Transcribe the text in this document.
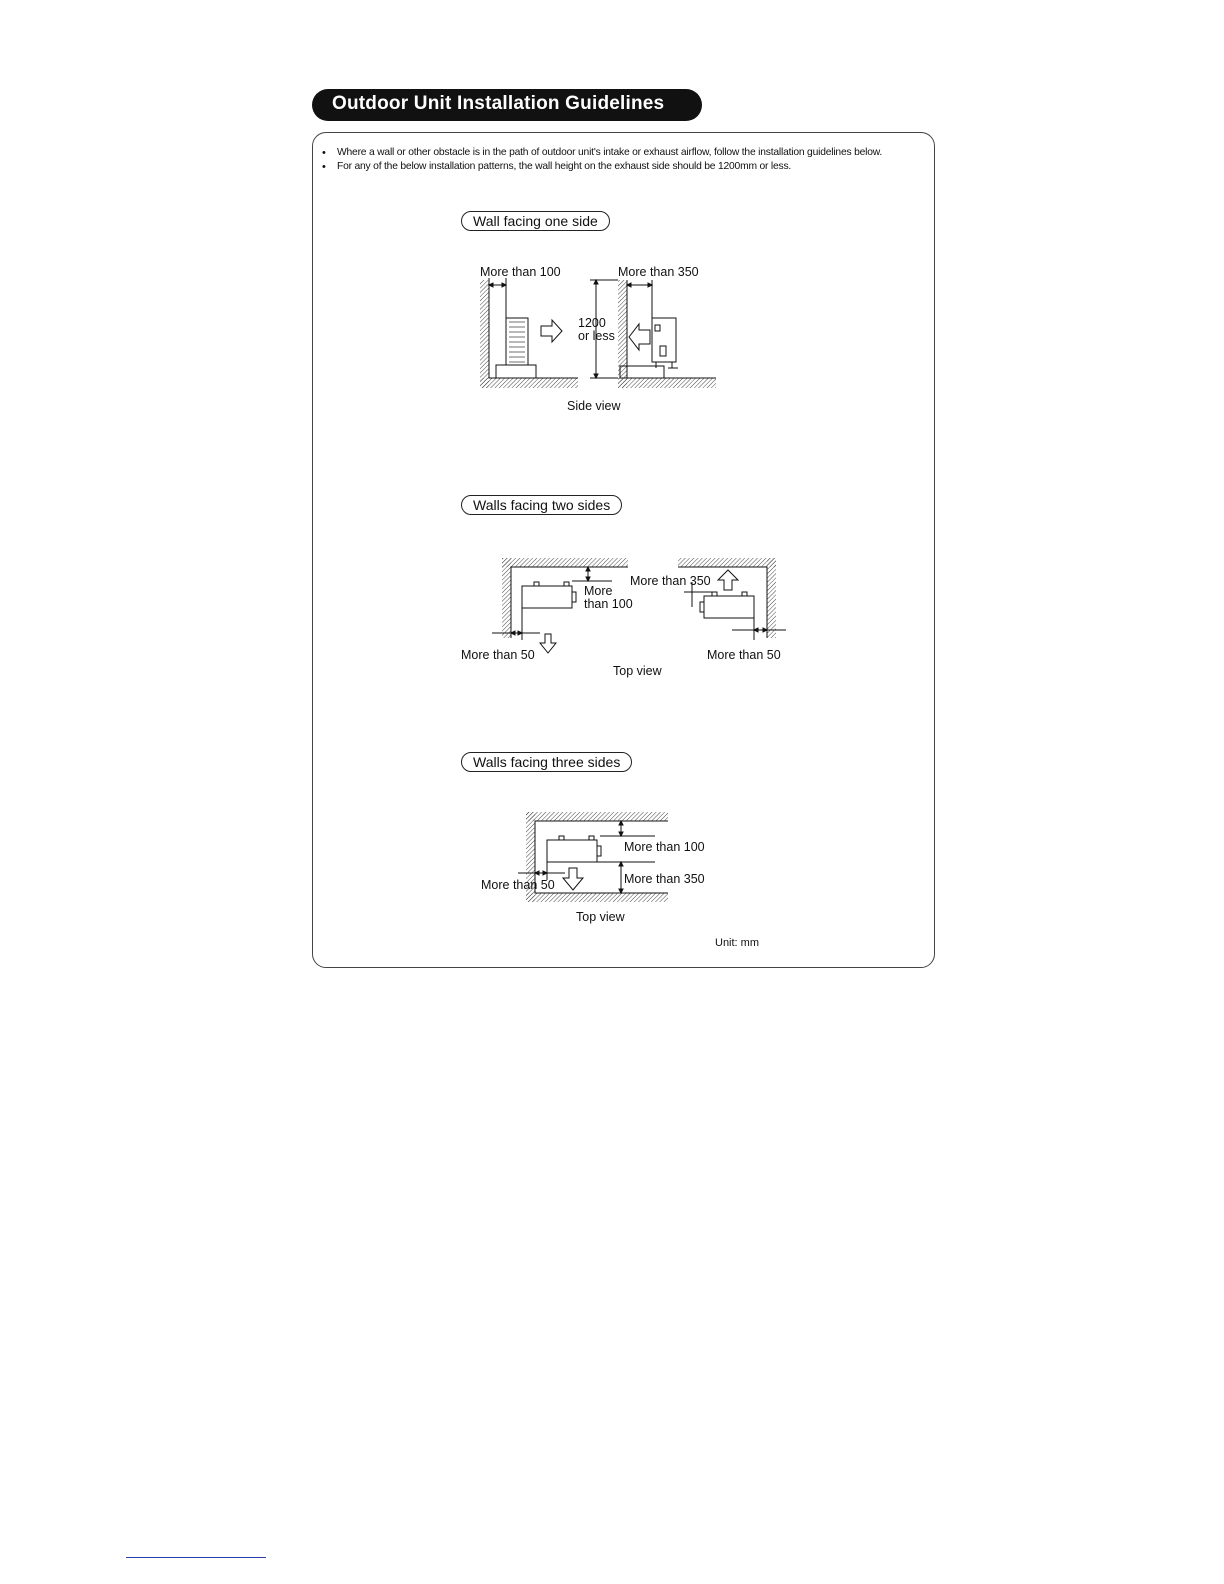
Outdoor Unit Installation Guidelines
• Where a wall or other obstacle is in the path of outdoor unit's intake or exhaust airflow, follow the installation guidelines below.
• For any of the below installation patterns, the wall height on the exhaust side should be 1200mm or less.
Wall facing one side
Walls facing two sides
Walls facing three sides
More than 100	More than 350
1200
or less
Side view
More
than 100
More than 350
More than 50	More than 50
Top view
More than 100
More than 350
More than 50
Top view
Unit: mm
